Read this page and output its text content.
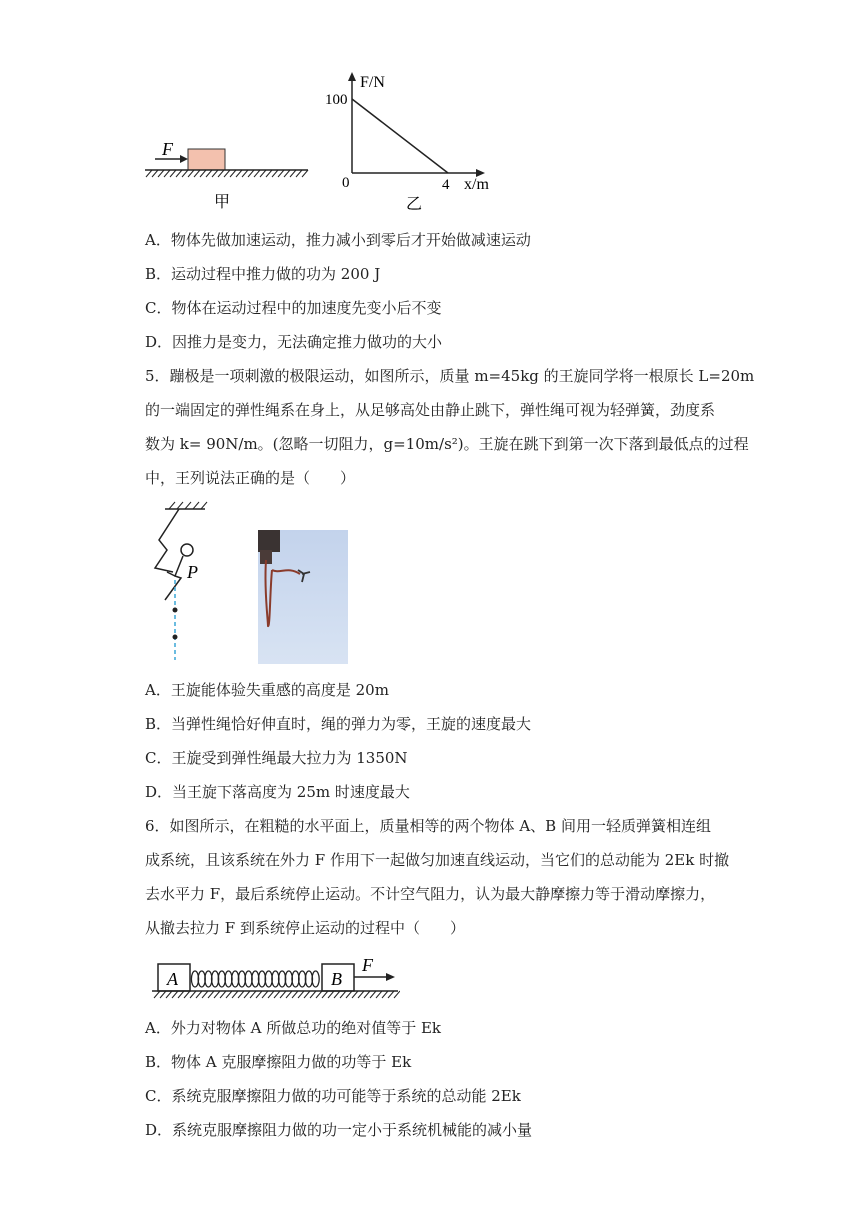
F
甲
F/N
100
0	4 x/m
乙
A．物体先做加速运动，推力减小到零后才开始做减速运动
B．运动过程中推力做的功为 200 J
C．物体在运动过程中的加速度先变小后不变
D．因推力是变力，无法确定推力做功的大小
5．蹦极是一项刺激的极限运动，如图所示，质量 m=45kg 的王旋同学将一根原长 L=20m
的一端固定的弹性绳系在身上，从足够高处由静止跳下，弹性绳可视为轻弹簧，劲度系
数为 k= 90N/m。(忽略一切阻力，g=10m/s²)。王旋在跳下到第一次下落到最低点的过程
中，王列说法正确的是（　　）
P
A．王旋能体验失重感的高度是 20m
B．当弹性绳恰好伸直时，绳的弹力为零，王旋的速度最大
C．王旋受到弹性绳最大拉力为 1350N
D．当王旋下落高度为 25m 时速度最大
6．如图所示，在粗糙的水平面上，质量相等的两个物体 A、B 间用一轻质弹簧相连组
成系统，且该系统在外力 F 作用下一起做匀加速直线运动，当它们的总动能为 2Ek 时撤
去水平力 F，最后系统停止运动。不计空气阻力，认为最大静摩擦力等于滑动摩擦力，
从撤去拉力 F 到系统停止运动的过程中（　　）
A	B
F
A．外力对物体 A 所做总功的绝对值等于 Ek
B．物体 A 克服摩擦阻力做的功等于 Ek
C．系统克服摩擦阻力做的功可能等于系统的总动能 2Ek
D．系统克服摩擦阻力做的功一定小于系统机械能的减小量
